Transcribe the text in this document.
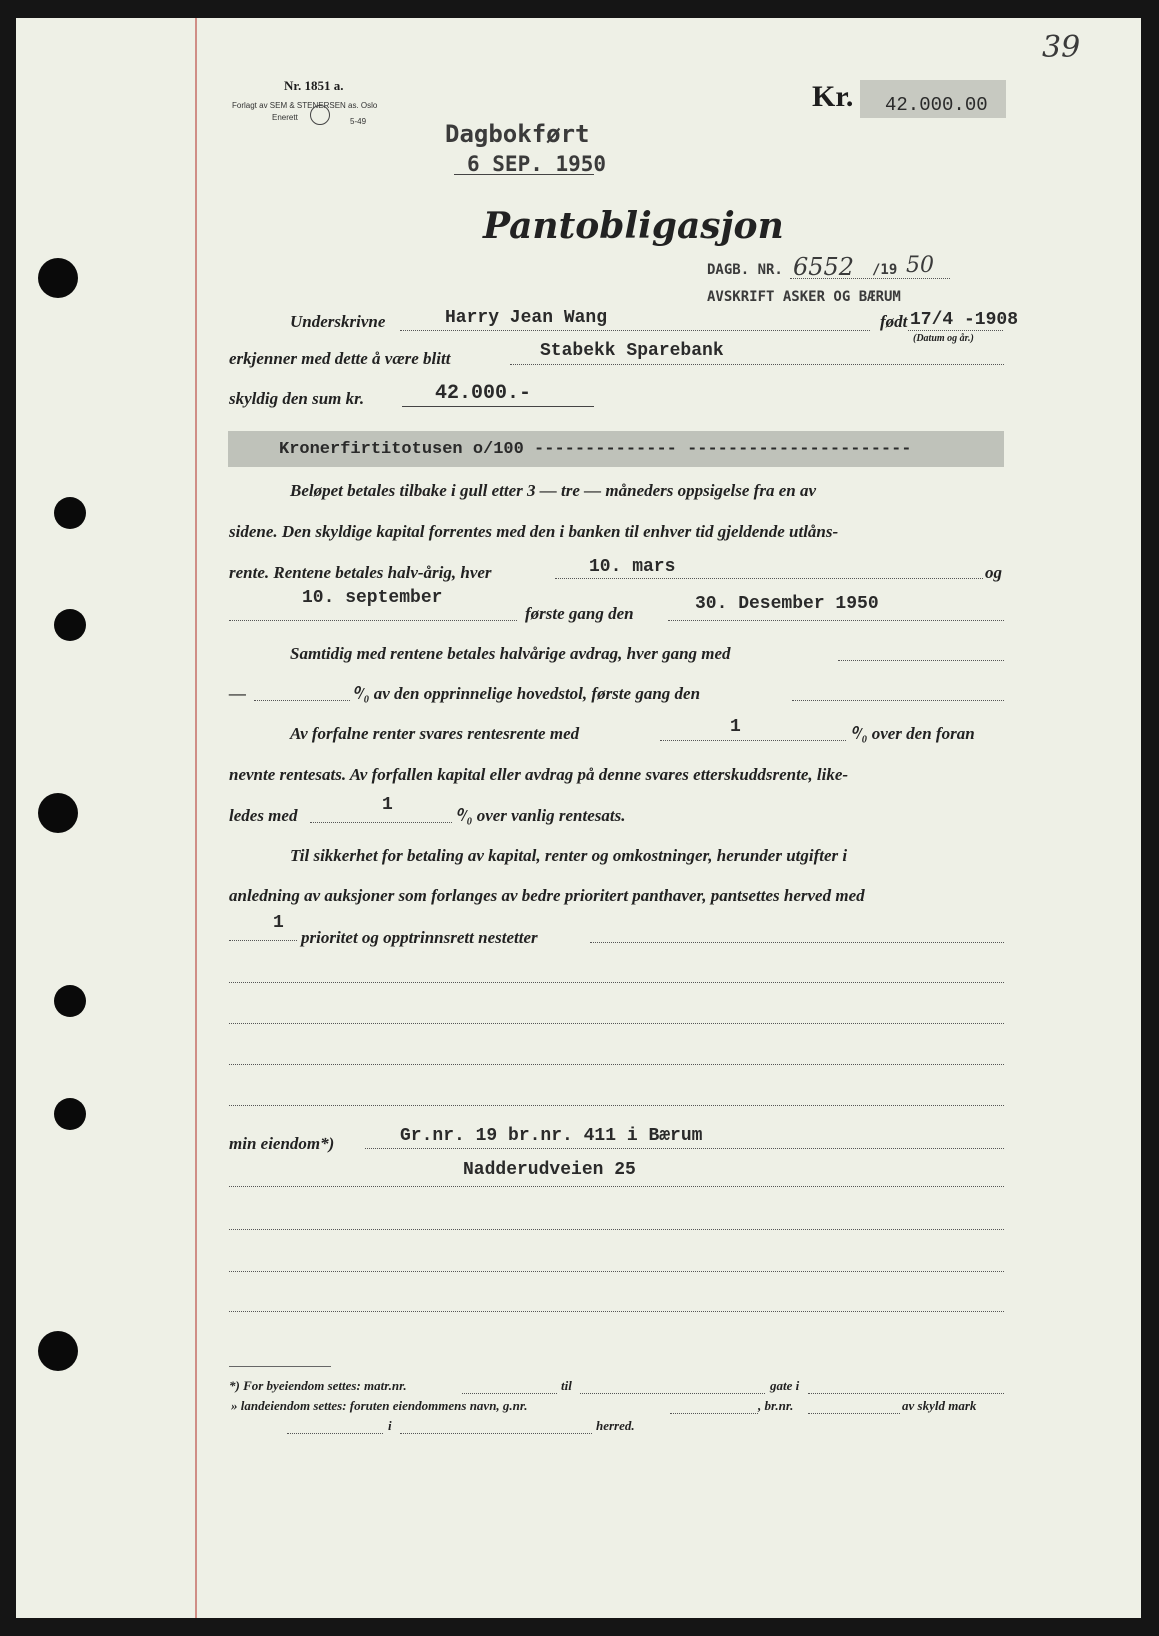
Nr. 1851 a.
Forlagt av SEM & STENERSEN as. Oslo
Enerett	5-49
Kr. 42.000.00
39
Dagbokført
6 SEP. 1950
Pantobligasjon
DAGB. NR. 6552 /19 50
AVSKRIFT ASKER OG BÆRUM
Underskrivne	Harry Jean Wang	født 17/4 -1908
(Datum og år.)
erkjenner med dette å være blitt	Stabekk Sparebank
skyldig den sum kr.	42.000.-
Kronerfirtitotusen o/100 -------------- ----------------------
Beløpet betales tilbake i gull etter 3 — tre — måneders oppsigelse fra en av
sidene. Den skyldige kapital forrentes med den i banken til enhver tid gjeldende utlåns-
rente. Rentene betales halv-årig, hver	10. mars	og
10. september
første gang den	30. Desember 1950
Samtidig med rentene betales halvårige avdrag, hver gang med
—	⁰/₀ av den opprinnelige hovedstol, første gang den
Av forfalne renter svares rentesrente med	1	⁰/₀ over den foran
nevnte rentesats. Av forfallen kapital eller avdrag på denne svares etterskuddsrente, like-
ledes med
1
⁰/₀ over vanlig rentesats.
Til sikkerhet for betaling av kapital, renter og omkostninger, herunder utgifter i
anledning av auksjoner som forlanges av bedre prioritert panthaver, pantsettes herved med
1
prioritet og opptrinnsrett nestetter
min eiendom*)	Gr.nr. 19 br.nr. 411 i Bærum
Nadderudveien 25
*) For byeiendom settes: matr.nr.	til	gate i
» landeiendom settes: foruten eiendommens navn, g.nr.	, br.nr.	av skyld mark
i	herred.
